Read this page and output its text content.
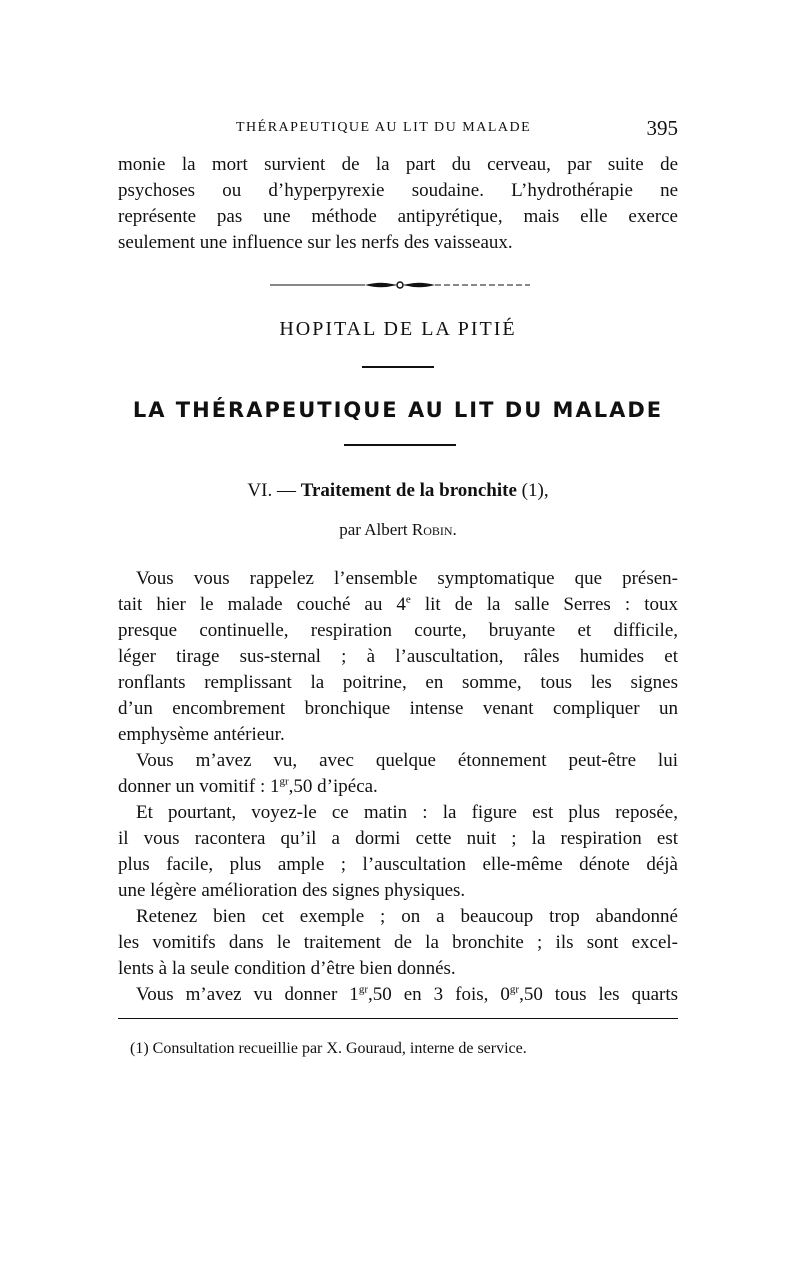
THÉRAPEUTIQUE AU LIT DU MALADE	395
monie la mort survient de la part du cerveau, par suite de
psychoses ou d’hyperpyrexie soudaine. L’hydrothérapie ne
représente pas une méthode antipyrétique, mais elle exerce
seulement une influence sur les nerfs des vaisseaux.
HOPITAL DE LA PITIÉ
LA THÉRAPEUTIQUE AU LIT DU MALADE
VI. — Traitement de la bronchite (1),
par Albert Robin.
Vous vous rappelez l’ensemble symptomatique que présen-
tait hier le malade couché au 4e lit de la salle Serres : toux
presque continuelle, respiration courte, bruyante et difficile,
léger tirage sus-sternal ; à l’auscultation, râles humides et
ronflants remplissant la poitrine, en somme, tous les signes
d’un encombrement bronchique intense venant compliquer un
emphysème antérieur.
Vous m’avez vu, avec quelque étonnement peut-être lui
donner un vomitif : $1^{gr},50$ d’ipéca.
Et pourtant, voyez-le ce matin : la figure est plus reposée,
il vous racontera qu’il a dormi cette nuit ; la respiration est
plus facile, plus ample ; l’auscultation elle-même dénote déjà
une légère amélioration des signes physiques.
Retenez bien cet exemple ; on a beaucoup trop abandonné
les vomitifs dans le traitement de la bronchite ; ils sont excel-
lents à la seule condition d’être bien donnés.
Vous m’avez vu donner $1^{gr},50$ en 3 fois, $0^{gr},50$ tous les quarts
(1) Consultation recueillie par X. Gouraud, interne de service.
